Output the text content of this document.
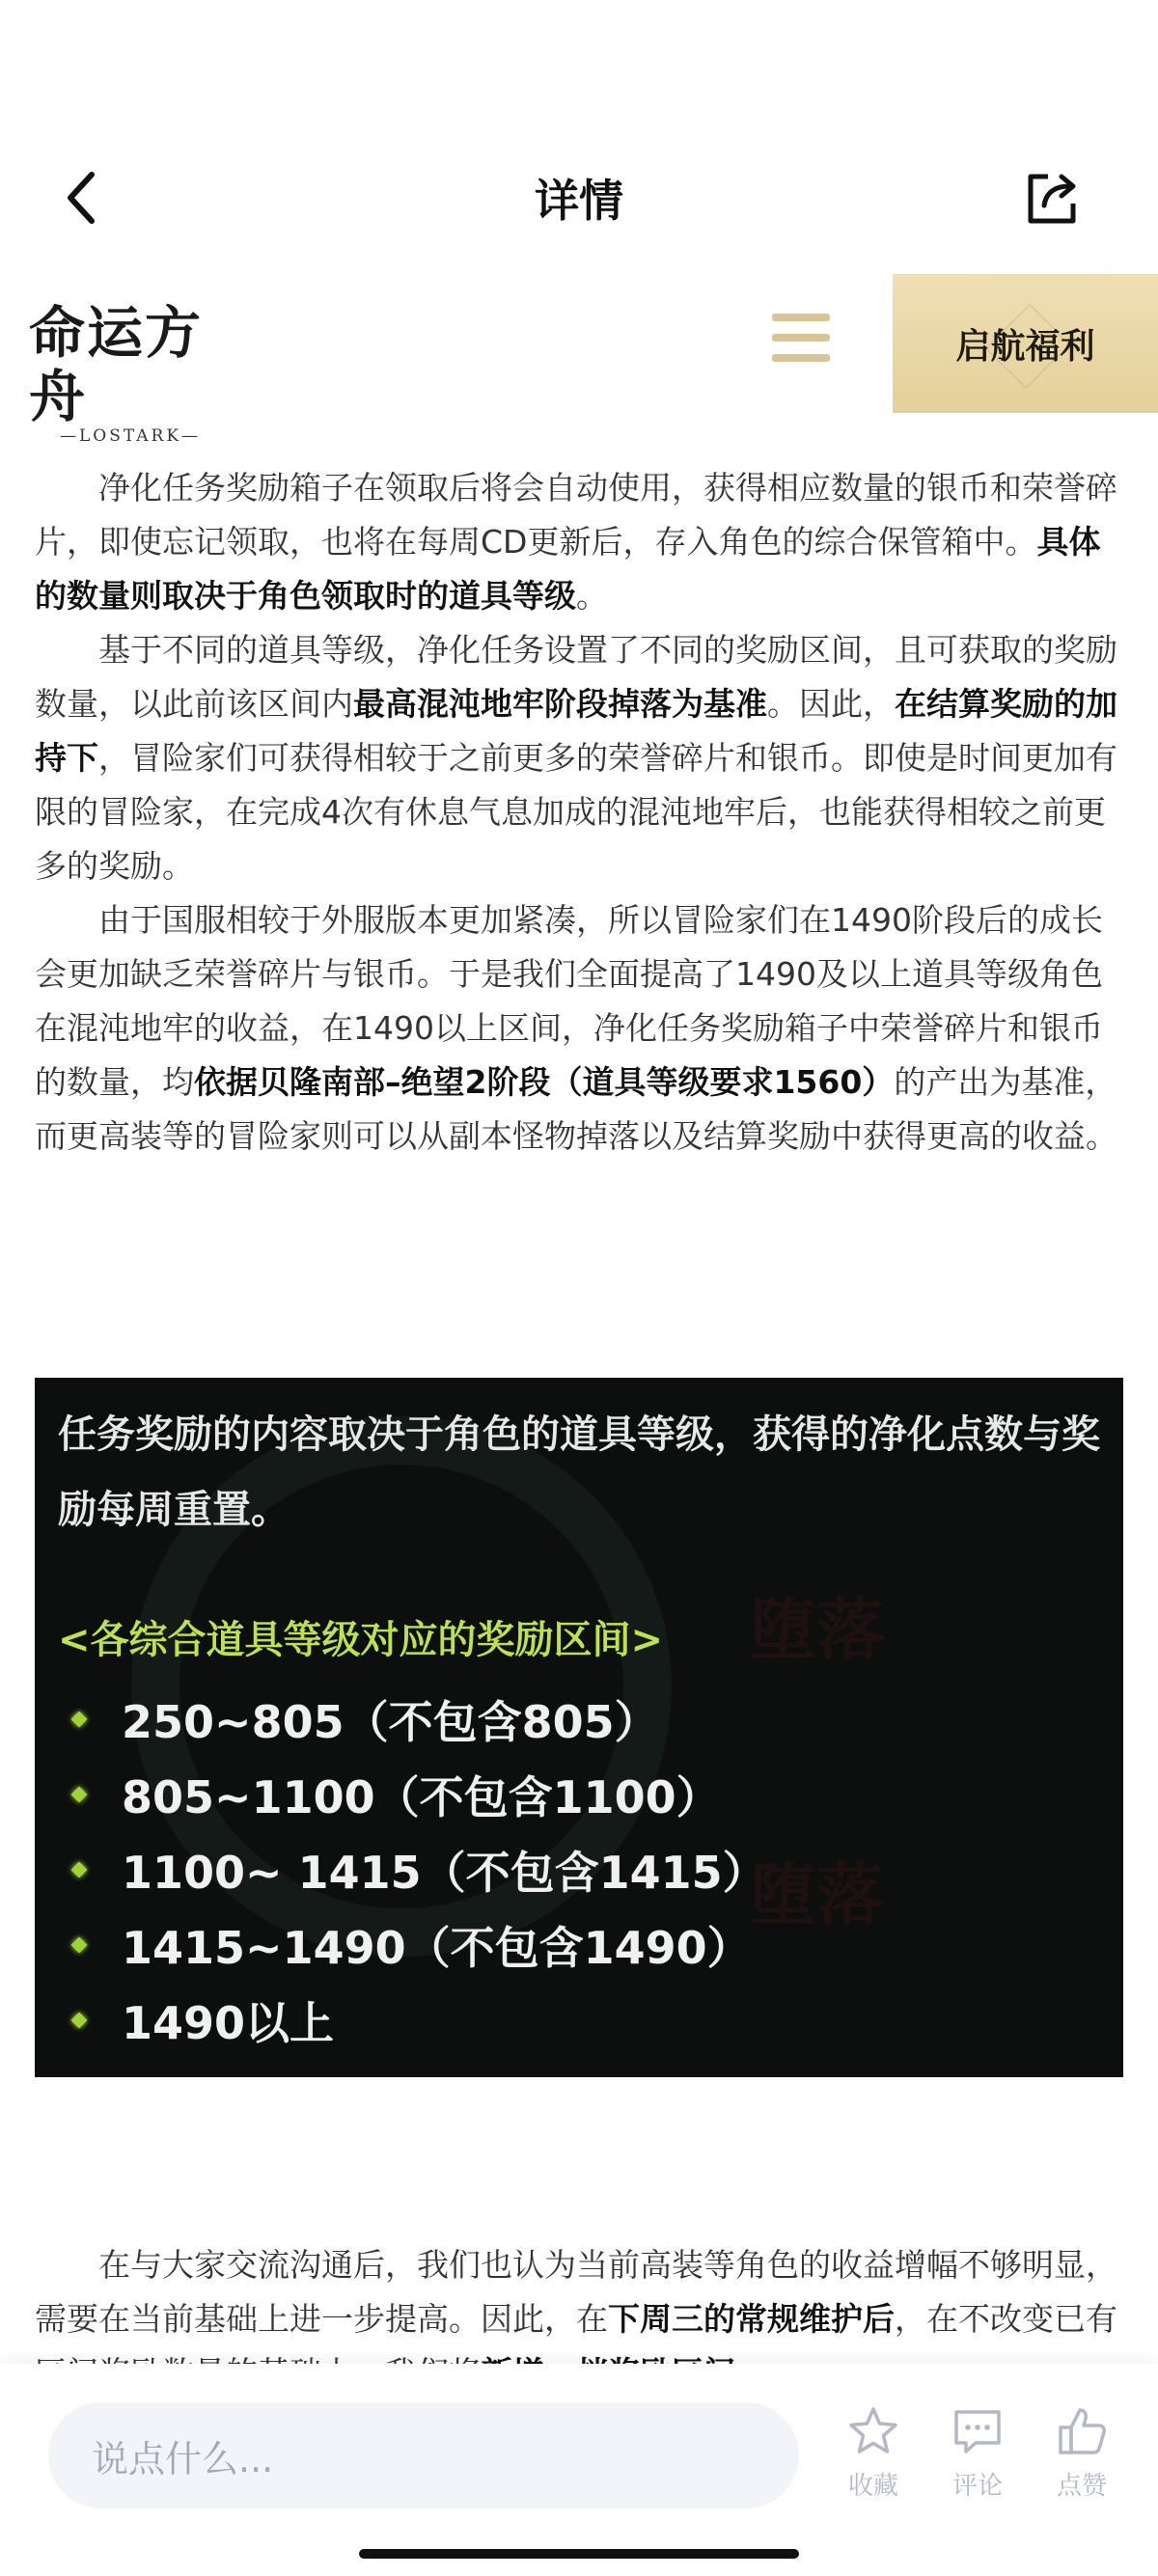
详情
命运方舟
—LOSTARK—
启航福利

净化任务奖励箱子在领取后将会自动使用，获得相应数量的银币和荣誉碎片，即使忘记领取，也将在每周CD更新后，存入角色的综合保管箱中。具体的数量则取决于角色领取时的道具等级。

基于不同的道具等级，净化任务设置了不同的奖励区间，且可获取的奖励数量，以此前该区间内最高混沌地牢阶段掉落为基准。因此，在结算奖励的加持下，冒险家们可获得相较于之前更多的荣誉碎片和银币。即使是时间更加有限的冒险家，在完成4次有休息气息加成的混沌地牢后，也能获得相较之前更多的奖励。

由于国服相较于外服版本更加紧凑，所以冒险家们在1490阶段后的成长会更加缺乏荣誉碎片与银币。于是我们全面提高了1490及以上道具等级角色在混沌地牢的收益，在1490以上区间，净化任务奖励箱子中荣誉碎片和银币的数量，均依据贝隆南部–绝望2阶段（道具等级要求1560）的产出为基准，而更高装等的冒险家则可以从副本怪物掉落以及结算奖励中获得更高的收益。

堕落
堕落
任务奖励的内容取决于角色的道具等级，获得的净化点数与奖励每周重置。
<各综合道具等级对应的奖励区间>
250~805（不包含805）
805~1100（不包含1100）
1100~ 1415（不包含1415）
1415~1490（不包含1490）
1490以上

在与大家交流沟通后，我们也认为当前高装等角色的收益增幅不够明显，需要在当前基础上进一步提高。因此，在下周三的常规维护后，在不改变已有

说点什么...
收藏	评论	点赞
